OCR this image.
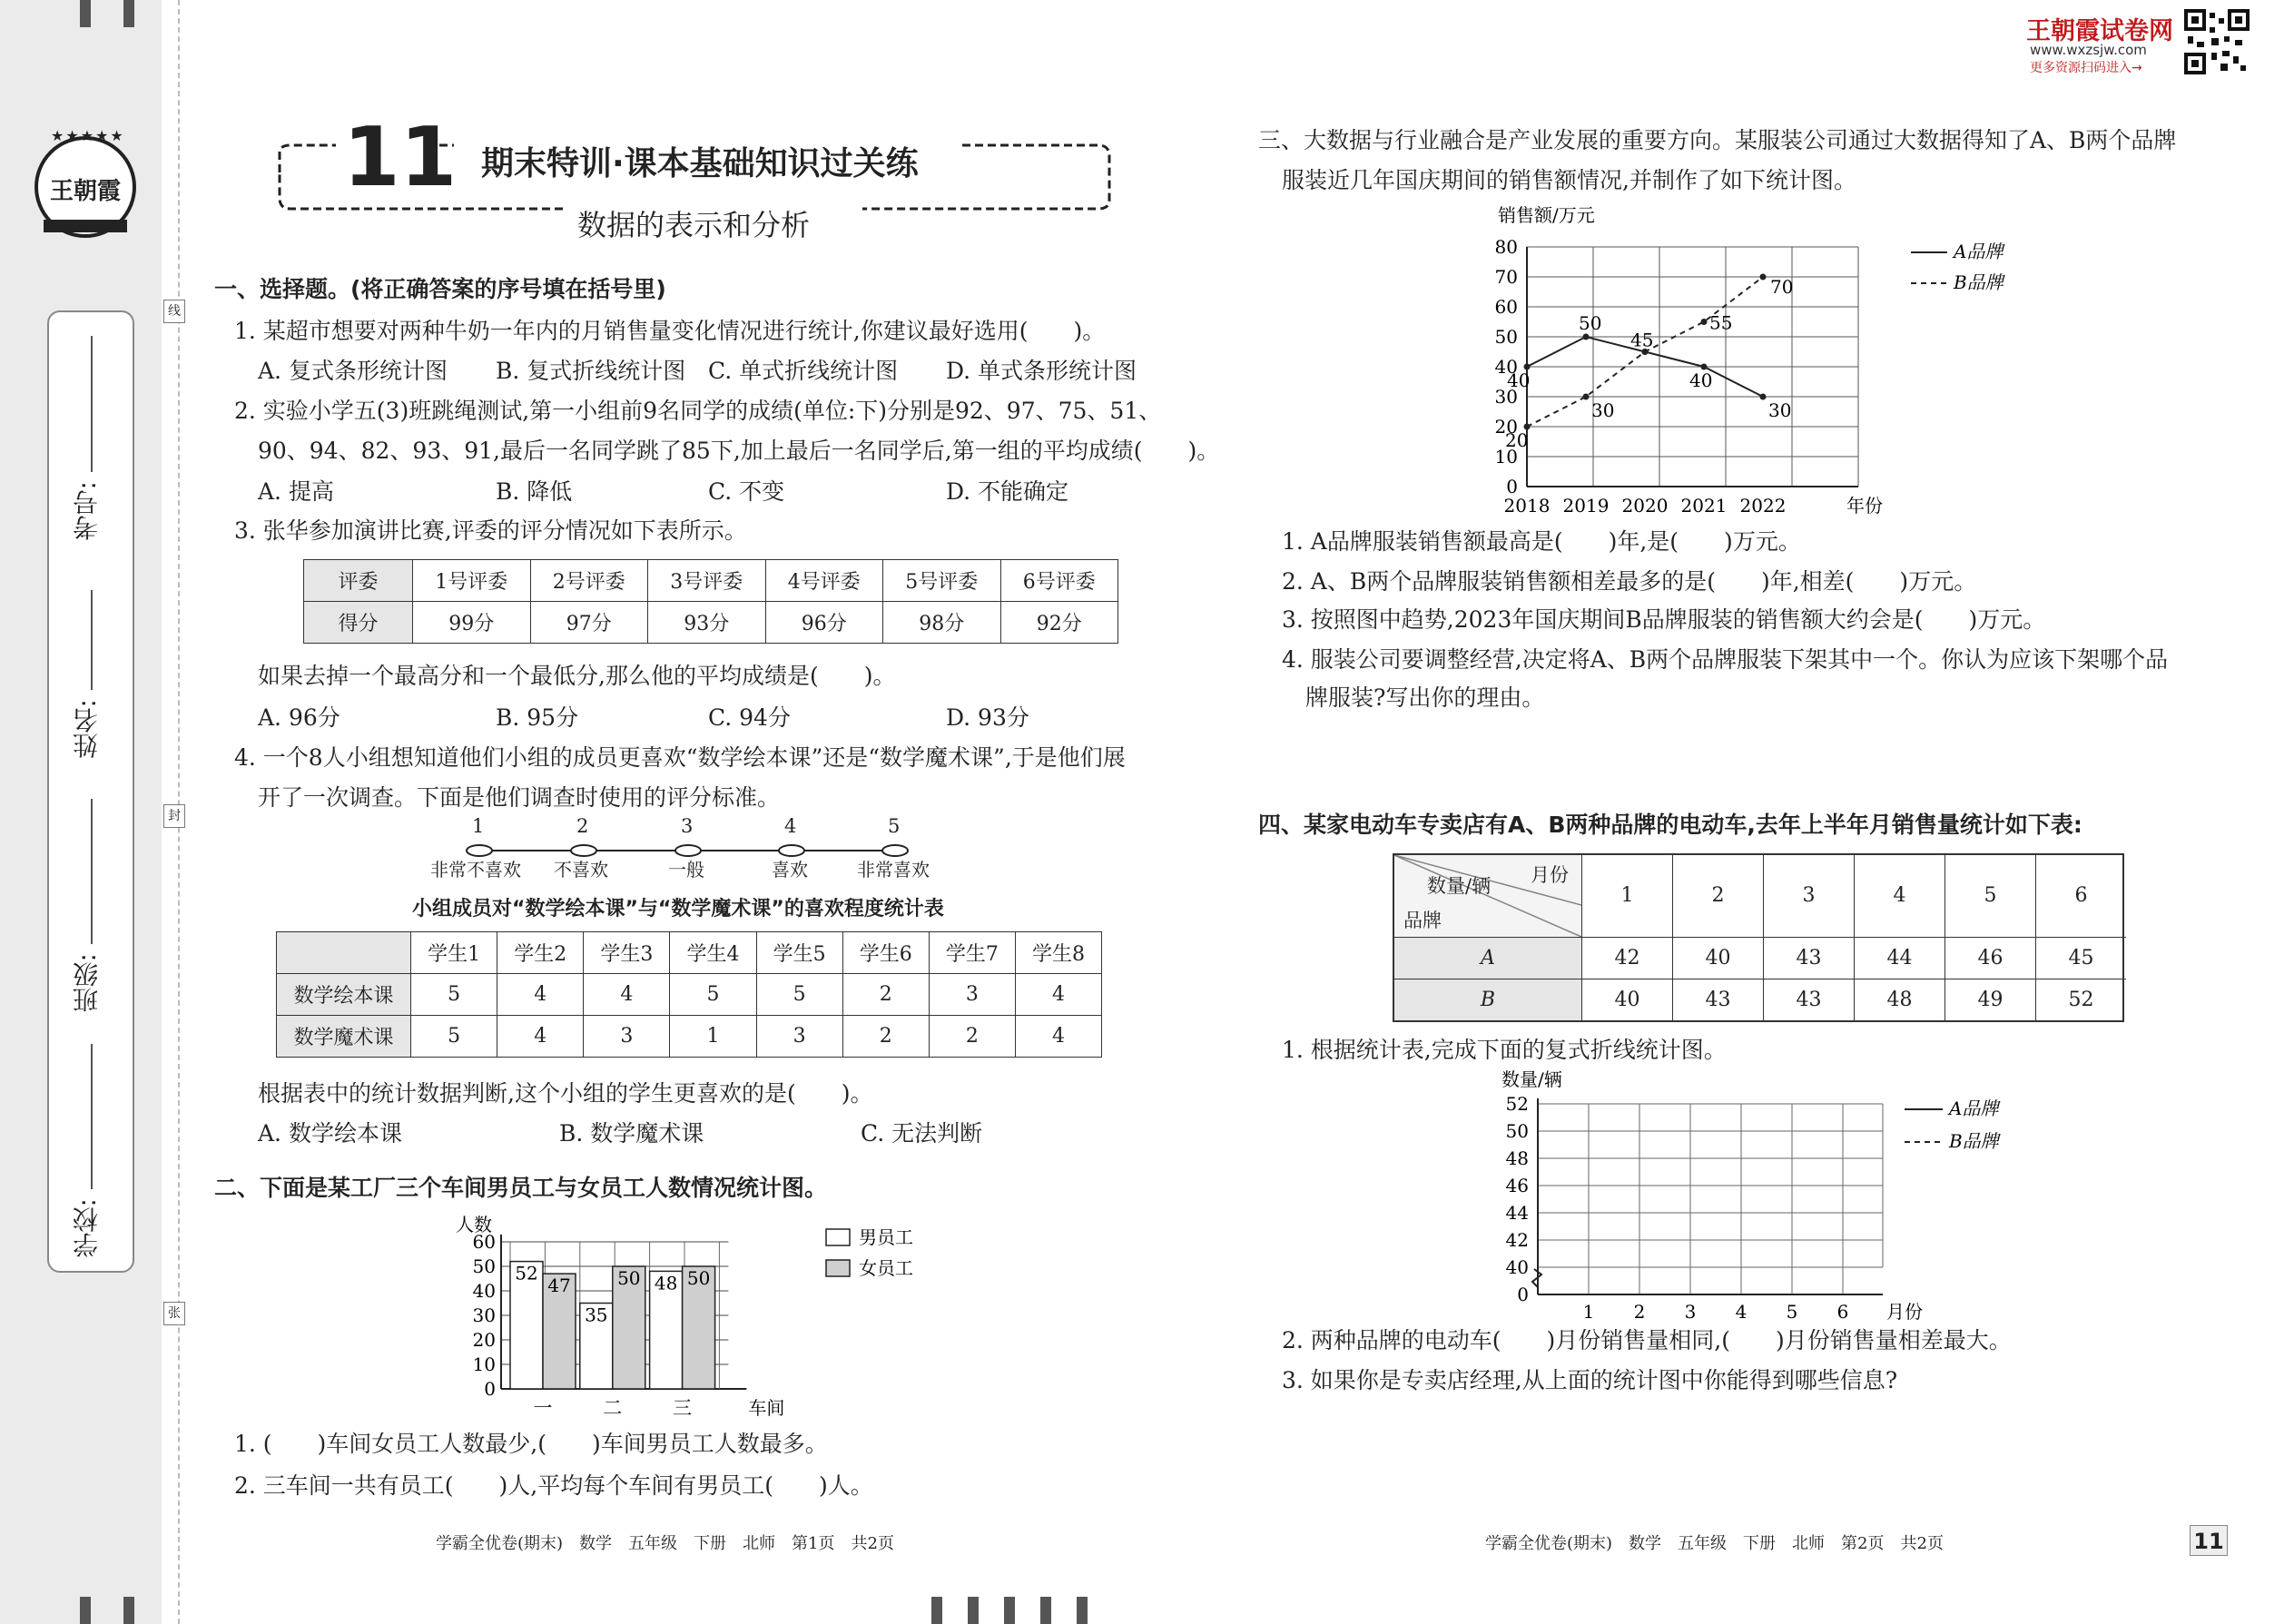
★★★★★
王朝霞
考号:
姓名:
班级:
学校:
线
封
张
11 期末特训·课本基础知识过关练
数据的表示和分析
王朝霞试卷网
www.wxzsjw.com
更多资源扫码进入→
一、选择题。(将正确答案的序号填在括号里)
1. 某超市想要对两种牛奶一年内的月销售量变化情况进行统计,你建议最好选用(　　)。
A. 复式条形统计图 B. 复式折线统计图 C. 单式折线统计图 D. 单式条形统计图
2. 实验小学五(3)班跳绳测试,第一小组前9名同学的成绩(单位:下)分别是92、97、75、51、
90、94、82、93、91,最后一名同学跳了85下,加上最后一名同学后,第一组的平均成绩(　　)。
A. 提高	B. 降低	C. 不变	D. 不能确定
3. 张华参加演讲比赛,评委的评分情况如下表所示。
评委	1号评委	2号评委	3号评委	4号评委	5号评委	6号评委
得分	99分	97分	93分	96分	98分	92分
如果去掉一个最高分和一个最低分,那么他的平均成绩是(　　)。
A. 96分	B. 95分	C. 94分	D. 93分
4. 一个8人小组想知道他们小组的成员更喜欢“数学绘本课”还是“数学魔术课”,于是他们展
开了一次调查。下面是他们调查时使用的评分标准。
1	2	3	4	5
非常不喜欢 不喜欢	一般	喜欢	非常喜欢
小组成员对“数学绘本课”与“数学魔术课”的喜欢程度统计表
	学生1	学生2	学生3	学生4	学生5	学生6	学生7	学生8
数学绘本课	5	4	4	5	5	2	3	4
数学魔术课	5	4	3	1	3	2	2	4
根据表中的统计数据判断,这个小组的学生更喜欢的是(　　)。
A. 数学绘本课	B. 数学魔术课	C. 无法判断
二、下面是某工厂三个车间男员工与女员工人数情况统计图。
人数
0
10
20
30
40
50
60
52
47
一
35
50
二
48 50
三	车间
男员工
女员工
1. (　　)车间女员工人数最少,(　　)车间男员工人数最多。
2. 三车间一共有员工(　　)人,平均每个车间有男员工(　　)人。
学霸全优卷(期末)　数学　五年级　下册　北师　第1页　共2页
三、大数据与行业融合是产业发展的重要方向。某服装公司通过大数据得知了A、B两个品牌
服装近几年国庆期间的销售额情况,并制作了如下统计图。
销售额/万元
0
10
20
30
40
50
60
70
80
2018 2019 2020 2021 2022	年份
40
50
45
40
30
20
30
55
70
A品牌
B品牌
1. A品牌服装销售额最高是(　　)年,是(　　)万元。
2. A、B两个品牌服装销售额相差最多的是(　　)年,相差(　　)万元。
3. 按照图中趋势,2023年国庆期间B品牌服装的销售额大约会是(　　)万元。
4. 服装公司要调整经营,决定将A、B两个品牌服装下架其中一个。你认为应该下架哪个品
牌服装?写出你的理由。
四、某家电动车专卖店有A、B两种品牌的电动车,去年上半年月销售量统计如下表:
月份
数量/辆
品牌
1	2	3	4	5	6
A	42	40	43	44	46	45
B	40	43	43	48	49	52
1. 根据统计表,完成下面的复式折线统计图。
数量/辆
0
40
42
44
46
48
50
52
1 2 3 4 5 6 月份
A品牌
B品牌
2. 两种品牌的电动车(　　)月份销售量相同,(　　)月份销售量相差最大。
3. 如果你是专卖店经理,从上面的统计图中你能得到哪些信息?
学霸全优卷(期末)　数学　五年级　下册　北师　第2页　共2页	11
